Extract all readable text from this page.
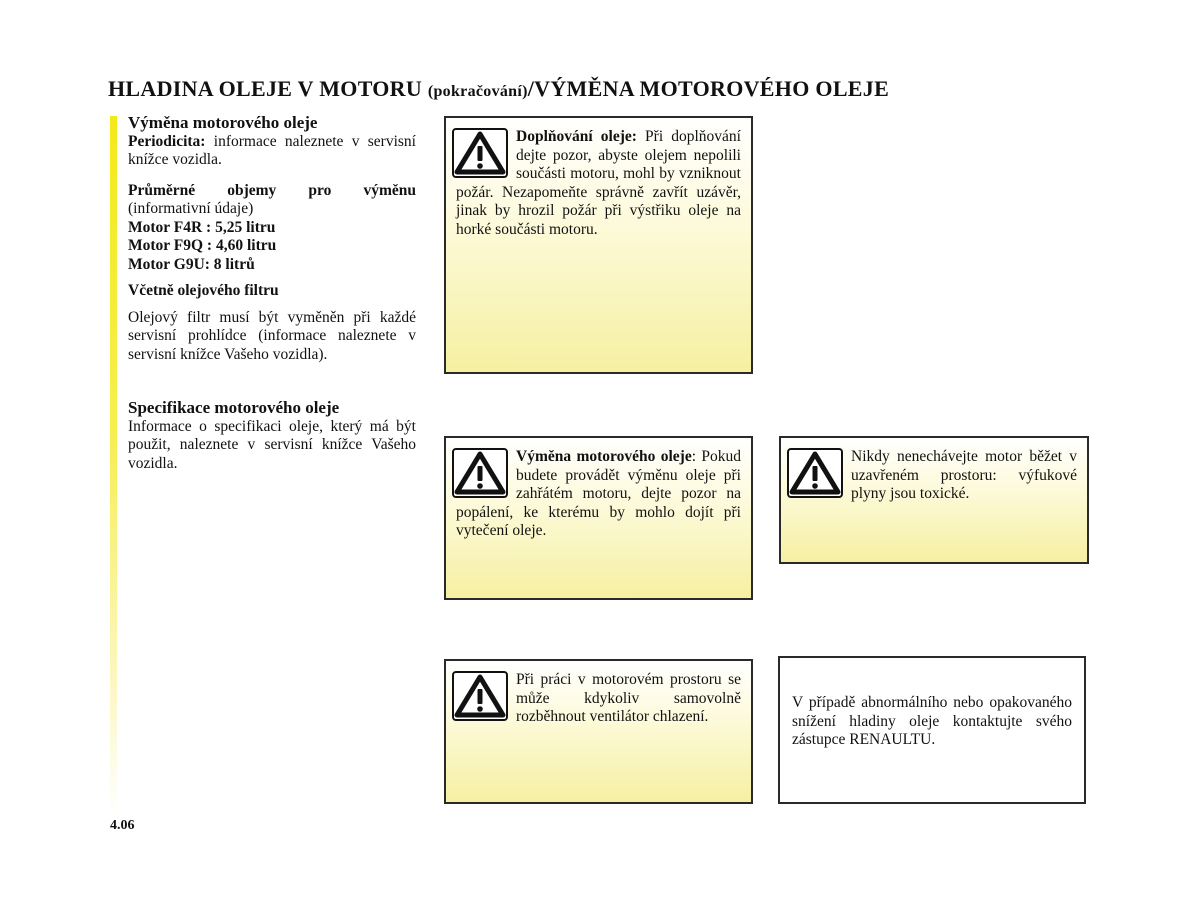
HLADINA OLEJE V MOTORU (pokračování)/VÝMĚNA MOTOROVÉHO OLEJE

Výměna motorového oleje

Periodicita: informace naleznete v servisní knížce vozidla.

Průměrné objemy pro výměnu (informativní údaje)

Motor F4R : 5,25 litru

Motor F9Q : 4,60 litru

Motor G9U: 8 litrů

Včetně olejového filtru

Olejový filtr musí být vyměněn při každé servisní prohlídce (informace naleznete v servisní knížce Vašeho vozidla).

Specifikace motorového oleje

Informace o specifikaci oleje, který má být použit, naleznete v servisní knížce Vašeho vozidla.

Doplňování oleje: Při doplňování dejte pozor, abyste olejem nepolili součásti motoru, mohl by vzniknout požár. Nezapomeňte správně zavřít uzávěr, jinak by hrozil požár při výstřiku oleje na horké součásti motoru.
Výměna motorového oleje: Pokud budete provádět výměnu oleje při zahřátém motoru, dejte pozor na popálení, ke kterému by mohlo dojít při vytečení oleje.
Nikdy nenechávejte motor běžet v uzavřeném prostoru: výfukové plyny jsou toxické.
Při práci v motorovém prostoru se může kdykoliv samovolně rozběhnout ventilátor chlazení.
V případě abnormálního nebo opakovaného snížení hladiny oleje kontaktujte svého zástupce RENAULTU.
4.06
